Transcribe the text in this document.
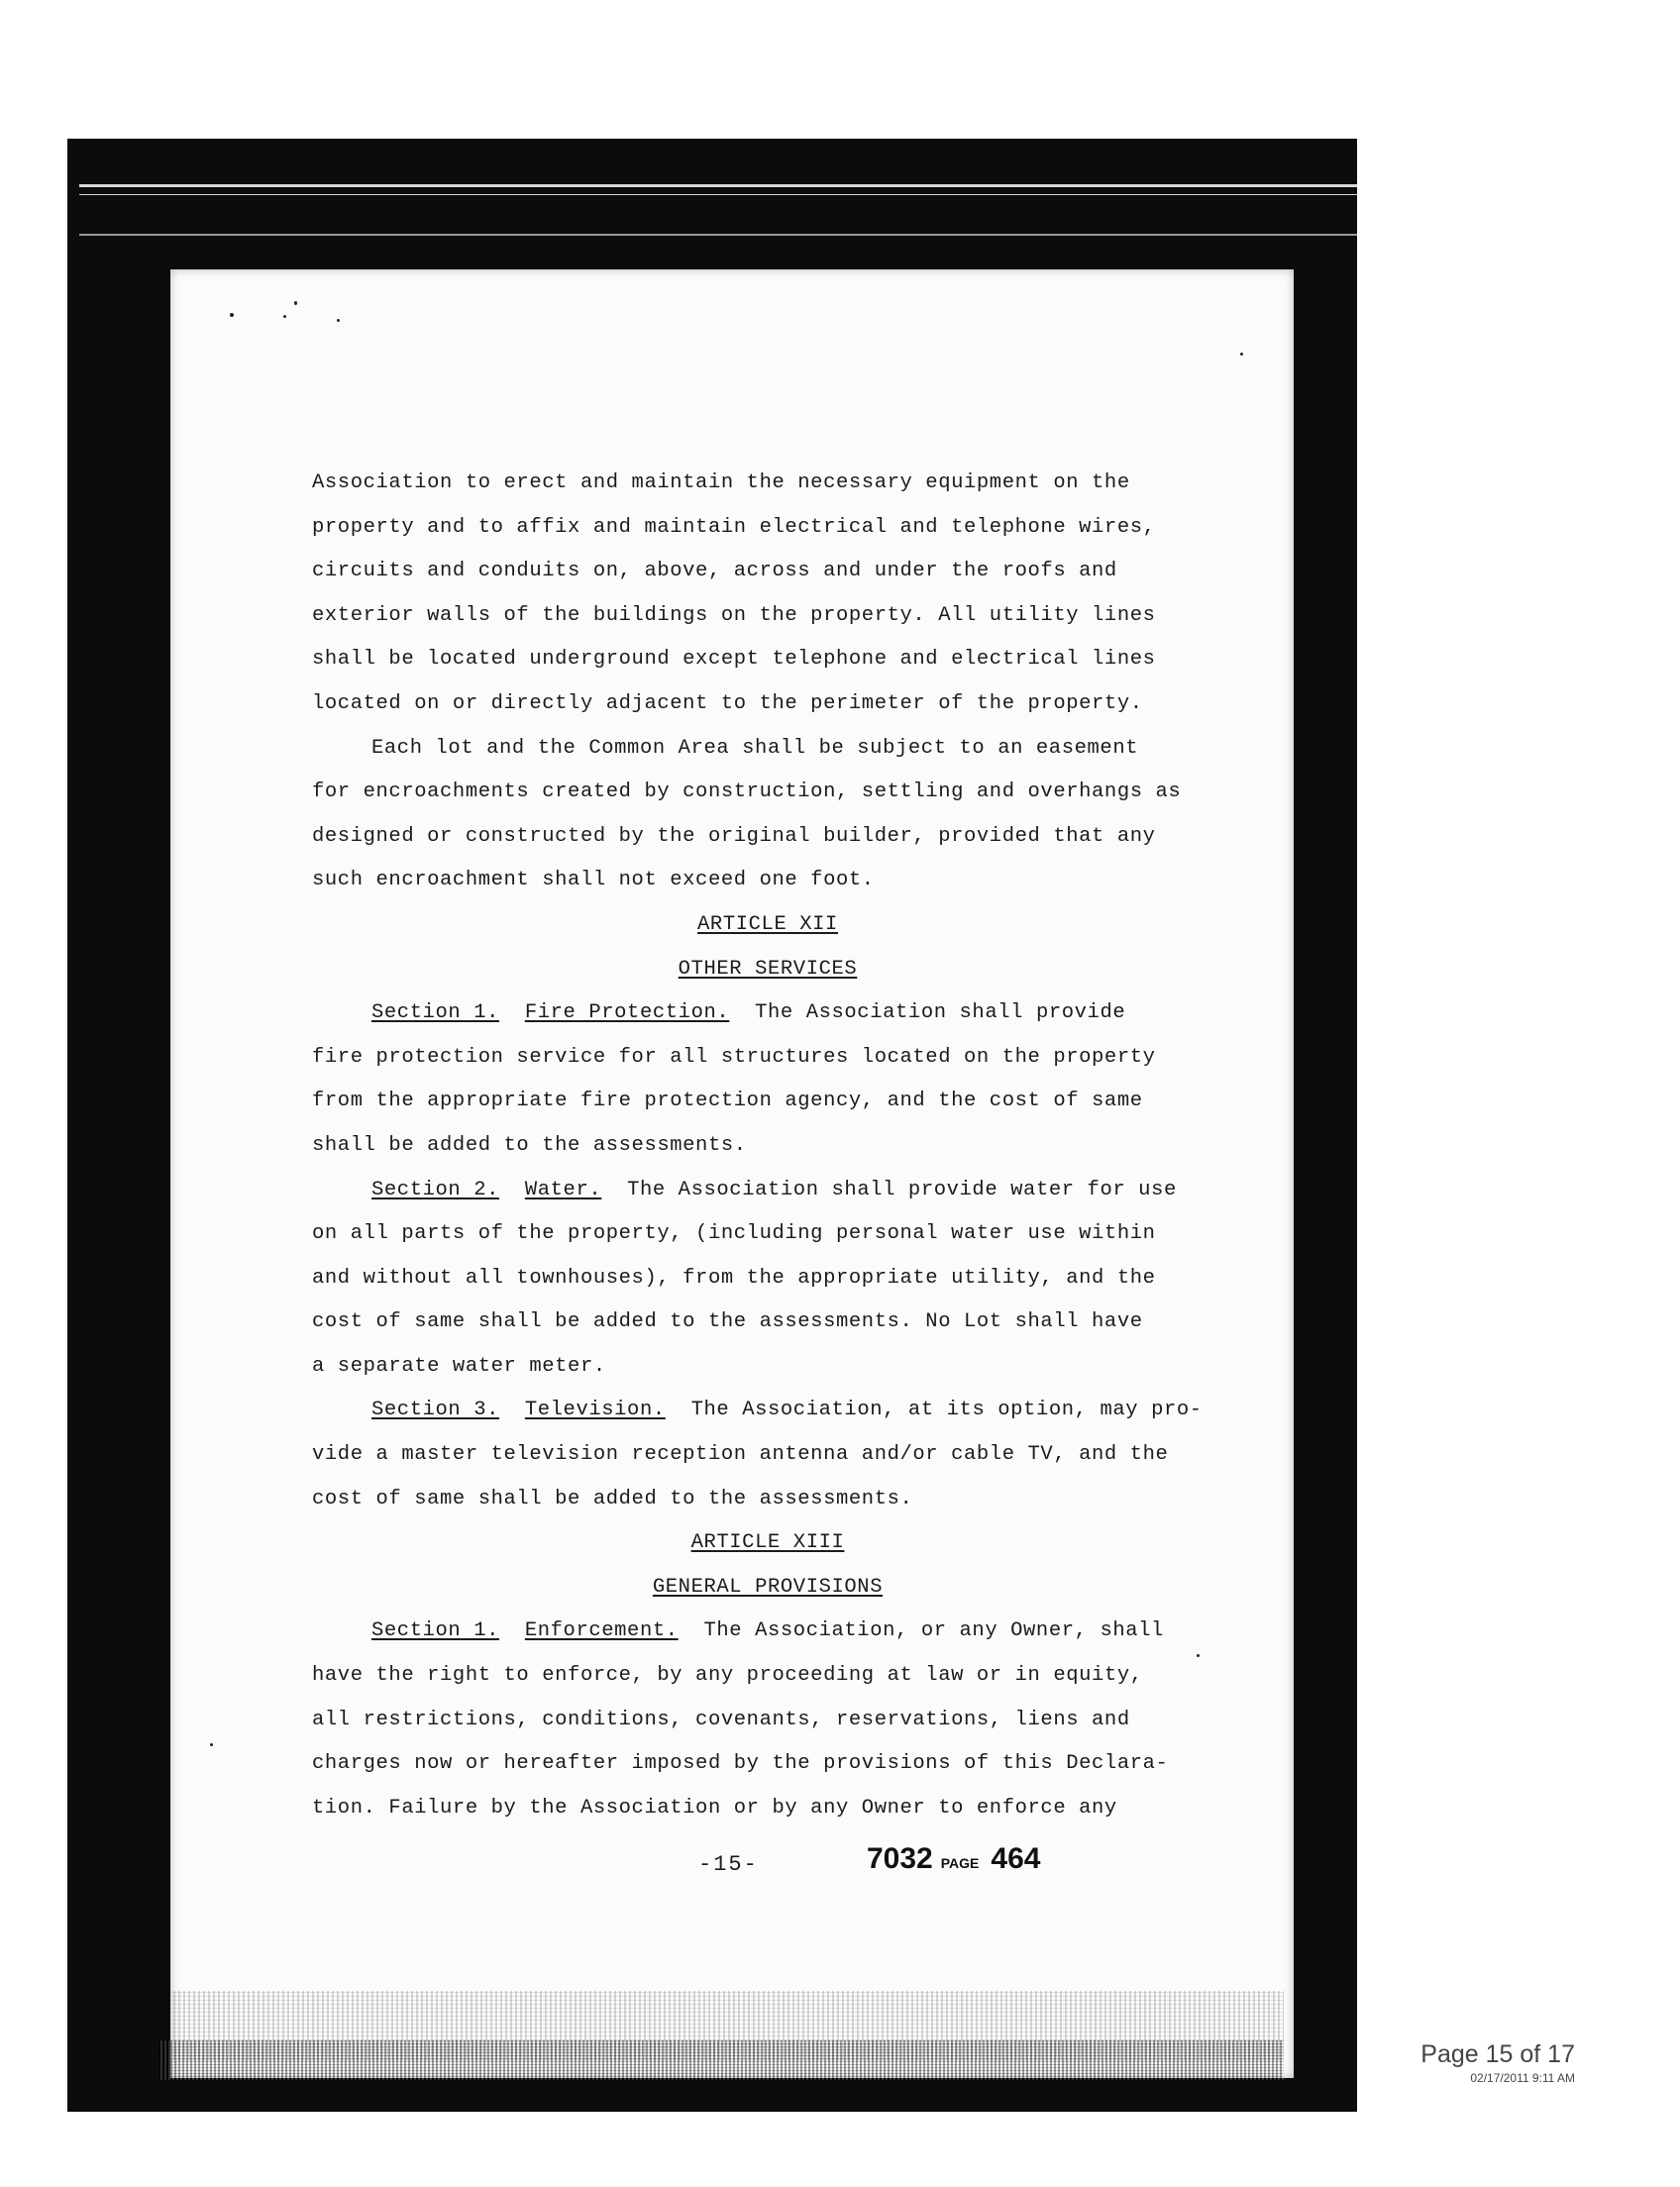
Association to erect and maintain the necessary equipment on the
property and to affix and maintain electrical and telephone wires,
circuits and conduits on, above, across and under the roofs and
exterior walls of the buildings on the property. All utility lines
shall be located underground except telephone and electrical lines
located on or directly adjacent to the perimeter of the property.
Each lot and the Common Area shall be subject to an easement
for encroachments created by construction, settling and overhangs as
designed or constructed by the original builder, provided that any
such encroachment shall not exceed one foot.
ARTICLE XII
OTHER SERVICES
Section 1. Fire Protection. The Association shall provide
fire protection service for all structures located on the property
from the appropriate fire protection agency, and the cost of same
shall be added to the assessments.
Section 2. Water. The Association shall provide water for use
on all parts of the property, (including personal water use within
and without all townhouses), from the appropriate utility, and the
cost of same shall be added to the assessments. No Lot shall have
a separate water meter.
Section 3. Television. The Association, at its option, may pro-
vide a master television reception antenna and/or cable TV, and the
cost of same shall be added to the assessments.
ARTICLE XIII
GENERAL PROVISIONS
Section 1. Enforcement. The Association, or any Owner, shall
have the right to enforce, by any proceeding at law or in equity,
all restrictions, conditions, covenants, reservations, liens and
charges now or hereafter imposed by the provisions of this Declara-
tion. Failure by the Association or by any Owner to enforce any
-15-	7032 PAGE 464
Page 15 of 17
02/17/2011 9:11 AM
